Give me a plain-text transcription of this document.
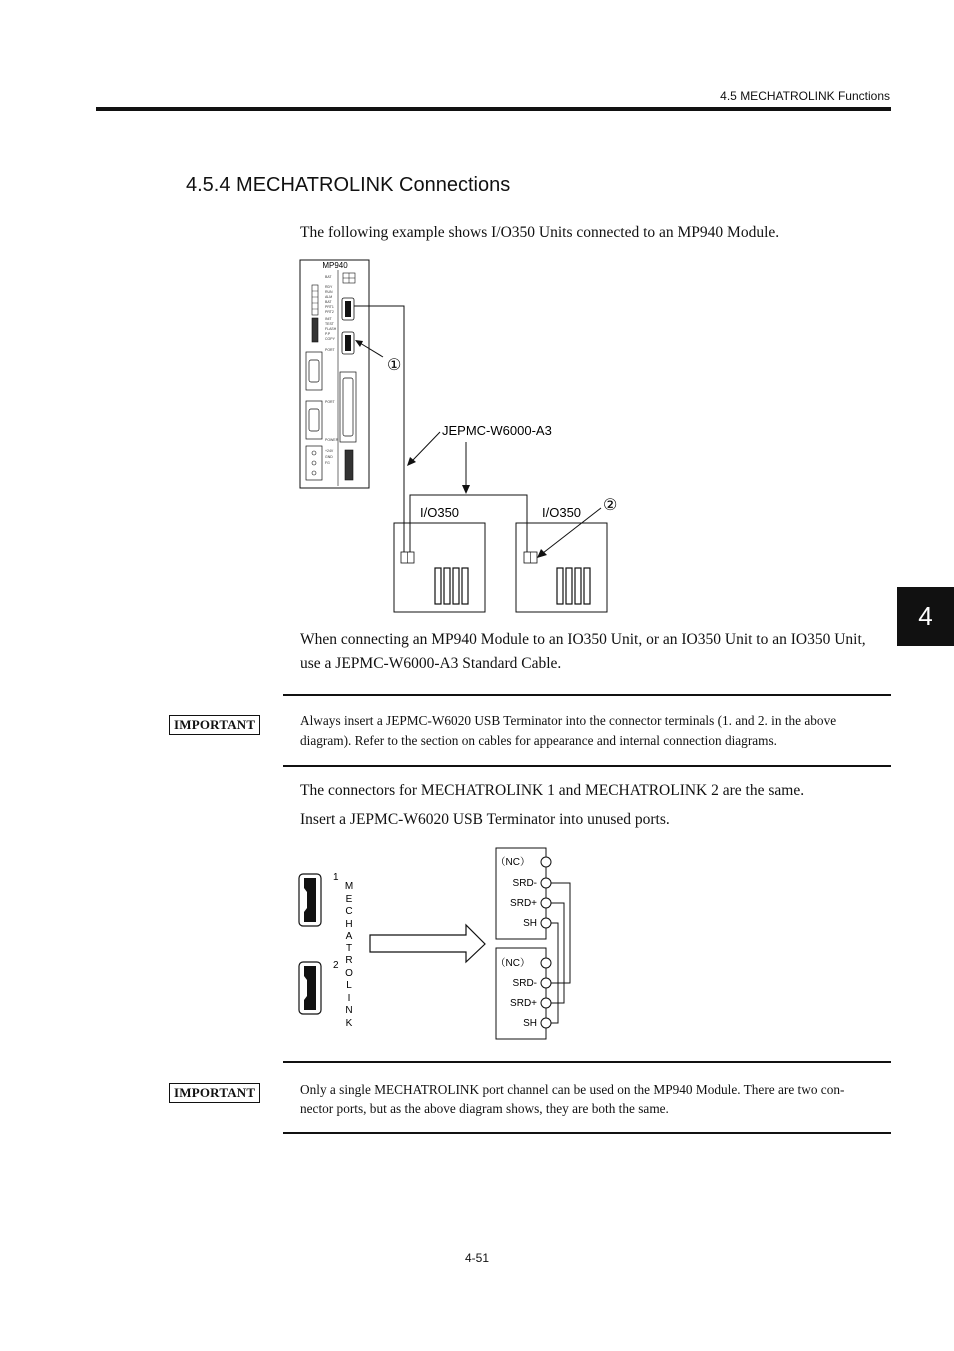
4.5 MECHATROLINK Functions
4.5.4 MECHATROLINK Connections
The following example shows I/O350 Units connected to an MP940 Module.
MP940
BAT
RDY
RUN
ALM
BAT
PRT1
PRT2
INIT
TEST
FLASH
P.P
COPY
PORT
PORT
POWER
+24V
GND
FG
①
JEPMC-W6000-A3
I/O350	I/O350 ②
When connecting an MP940 Module to an IO350 Unit, or an IO350 Unit to an IO350 Unit,
use a JEPMC-W6000-A3 Standard Cable.
IMPORTANT	Always insert a JEPMC-W6020 USB Terminator into the connector terminals (1. and 2. in the above
diagram). Refer to the section on cables for appearance and internal connection diagrams.
The connectors for MECHATROLINK 1 and MECHATROLINK 2 are the same.
Insert a JEPMC-W6020 USB Terminator into unused ports.
1
2
M
E
C
H
A
T
R
O
L
I
N
K
（NC）
SRD-
SRD+
SH
（NC）
SRD-
SRD+
SH
IMPORTANT	Only a single MECHATROLINK port channel can be used on the MP940 Module. There are two con-
nector ports, but as the above diagram shows, they are both the same.
4
4-51
